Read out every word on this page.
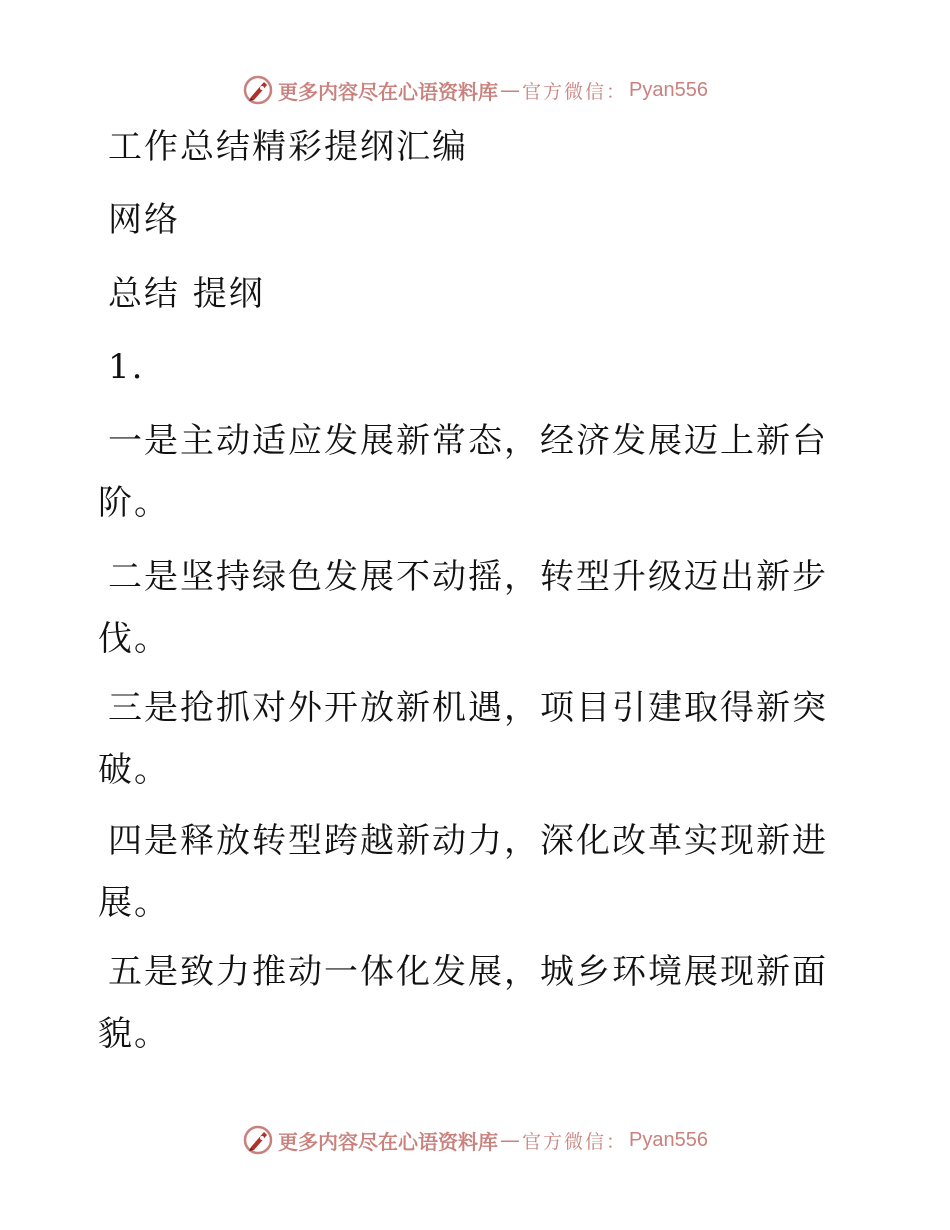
更多内容尽在心语资料库 — 官方微信： Pyan556
工作总结精彩提纲汇编
网络
总结 提纲
1.
一是主动适应发展新常态，经济发展迈上新台
阶。
二是坚持绿色发展不动摇，转型升级迈出新步
伐。
三是抢抓对外开放新机遇，项目引建取得新突
破。
四是释放转型跨越新动力，深化改革实现新进
展。
五是致力推动一体化发展，城乡环境展现新面
貌。
更多内容尽在心语资料库 — 官方微信： Pyan556
